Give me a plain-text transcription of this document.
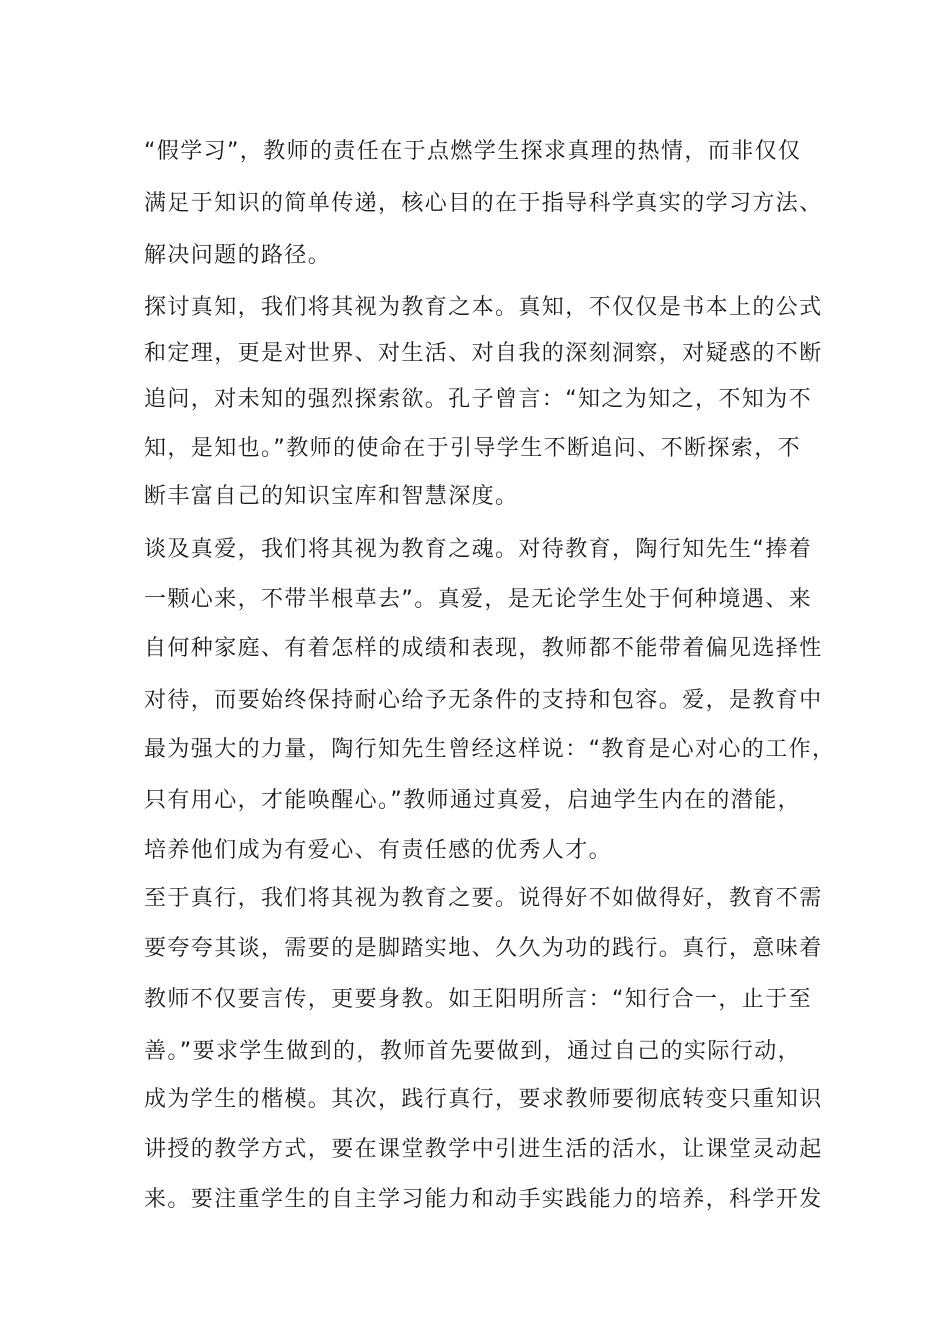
“假学习”，教师的责任在于点燃学生探求真理的热情，而非仅仅
满足于知识的简单传递，核心目的在于指导科学真实的学习方法、
解决问题的路径。
探讨真知，我们将其视为教育之本。真知，不仅仅是书本上的公式
和定理，更是对世界、对生活、对自我的深刻洞察，对疑惑的不断
追问，对未知的强烈探索欲。孔子曾言：“知之为知之，不知为不
知，是知也。”教师的使命在于引导学生不断追问、不断探索，不
断丰富自己的知识宝库和智慧深度。
谈及真爱，我们将其视为教育之魂。对待教育，陶行知先生“捧着
一颗心来，不带半根草去”。真爱，是无论学生处于何种境遇、来
自何种家庭、有着怎样的成绩和表现，教师都不能带着偏见选择性
对待，而要始终保持耐心给予无条件的支持和包容。爱，是教育中
最为强大的力量，陶行知先生曾经这样说：“教育是心对心的工作，
只有用心，才能唤醒心。”教师通过真爱，启迪学生内在的潜能，
培养他们成为有爱心、有责任感的优秀人才。
至于真行，我们将其视为教育之要。说得好不如做得好，教育不需
要夸夸其谈，需要的是脚踏实地、久久为功的践行。真行，意味着
教师不仅要言传，更要身教。如王阳明所言：“知行合一，止于至
善。”要求学生做到的，教师首先要做到，通过自己的实际行动，
成为学生的楷模。其次，践行真行，要求教师要彻底转变只重知识
讲授的教学方式，要在课堂教学中引进生活的活水，让课堂灵动起
来。要注重学生的自主学习能力和动手实践能力的培养，科学开发
